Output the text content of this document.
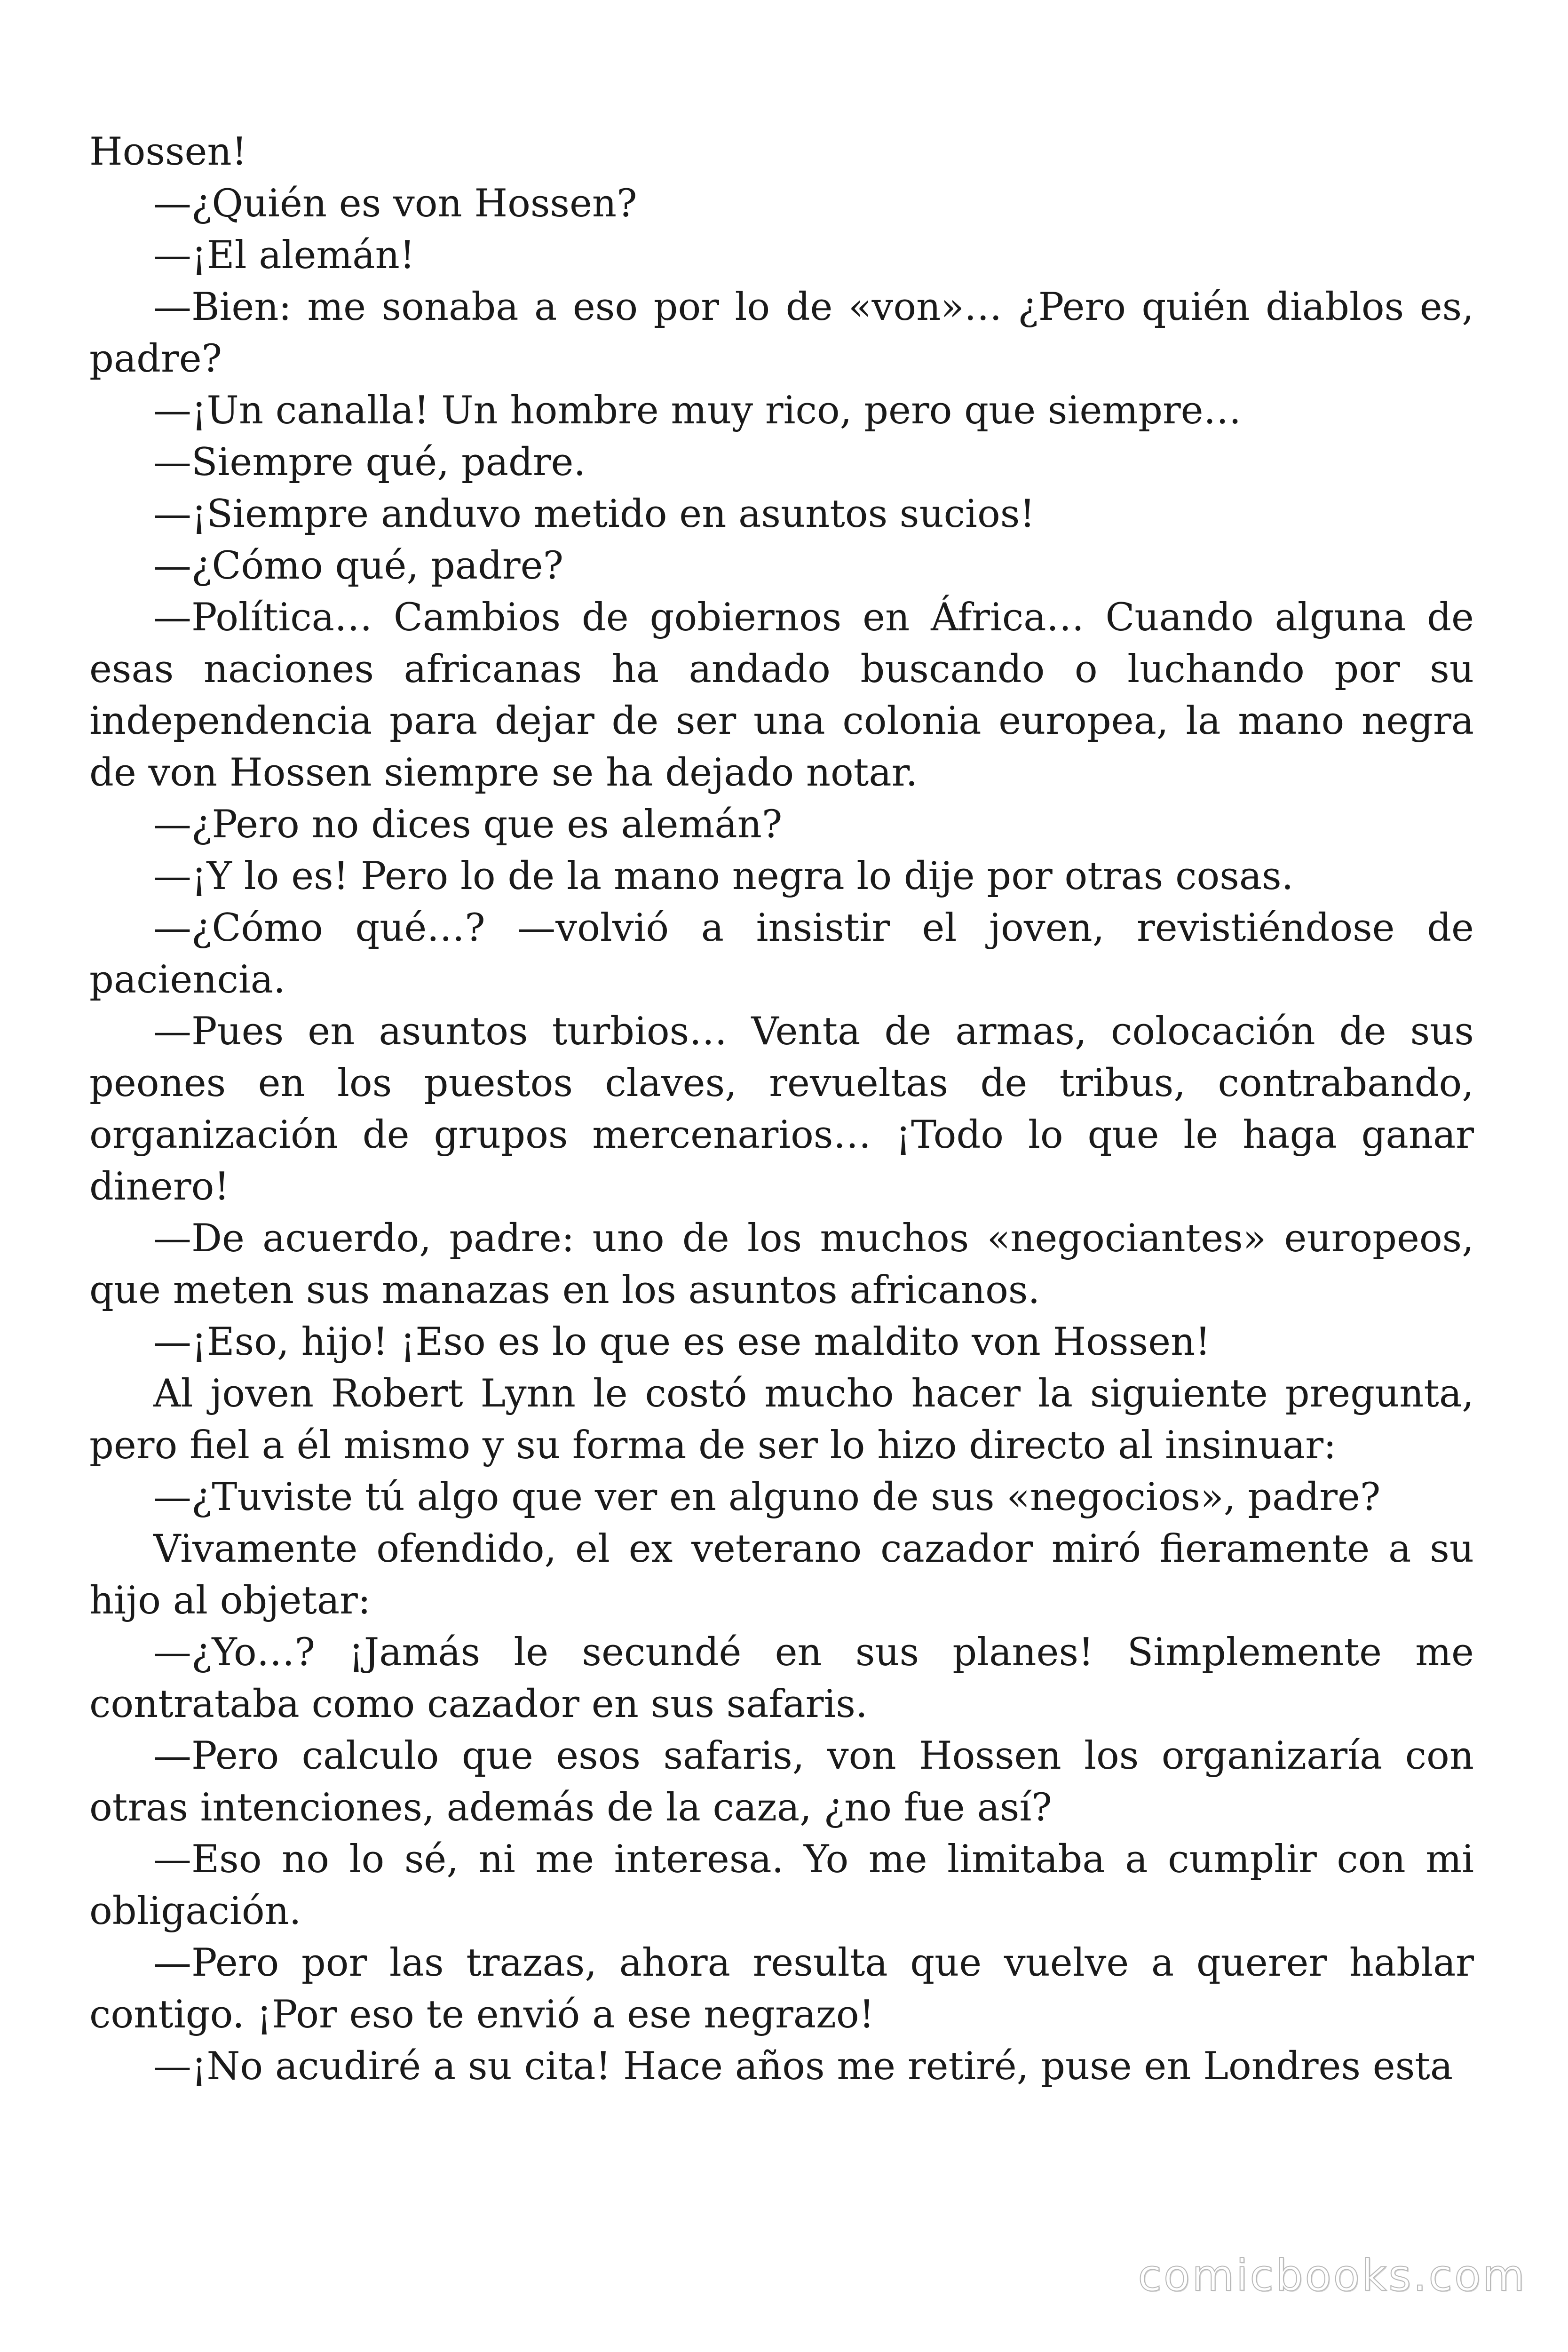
Hossen!

—¿Quién es von Hossen?

—¡El alemán!

—Bien: me sonaba a eso por lo de «von»… ¿Pero quién diablos es, padre?

—¡Un canalla! Un hombre muy rico, pero que siempre…

—Siempre qué, padre.

—¡Siempre anduvo metido en asuntos sucios!

—¿Cómo qué, padre?

—Política… Cambios de gobiernos en África… Cuando alguna de esas naciones africanas ha andado buscando o luchando por su independencia para dejar de ser una colonia europea, la mano negra de von Hossen siempre se ha dejado notar.

—¿Pero no dices que es alemán?

—¡Y lo es! Pero lo de la mano negra lo dije por otras cosas.

—¿Cómo qué…? —volvió a insistir el joven, revistiéndose de paciencia.

—Pues en asuntos turbios… Venta de armas, colocación de sus peones en los puestos claves, revueltas de tribus, contrabando, organización de grupos mercenarios… ¡Todo lo que le haga ganar dinero!

—De acuerdo, padre: uno de los muchos «negociantes» europeos, que meten sus manazas en los asuntos africanos.

—¡Eso, hijo! ¡Eso es lo que es ese maldito von Hossen!

Al joven Robert Lynn le costó mucho hacer la siguiente pregunta, pero fiel a él mismo y su forma de ser lo hizo directo al insinuar:

—¿Tuviste tú algo que ver en alguno de sus «negocios», padre?

Vivamente ofendido, el ex veterano cazador miró fieramente a su hijo al objetar:

—¿Yo…? ¡Jamás le secundé en sus planes! Simplemente me contrataba como cazador en sus safaris.

—Pero calculo que esos safaris, von Hossen los organizaría con otras intenciones, además de la caza, ¿no fue así?

—Eso no lo sé, ni me interesa. Yo me limitaba a cumplir con mi obligación.

—Pero por las trazas, ahora resulta que vuelve a querer hablar contigo. ¡Por eso te envió a ese negrazo!

—¡No acudiré a su cita! Hace años me retiré, puse en Londres esta

comicbooks.com
